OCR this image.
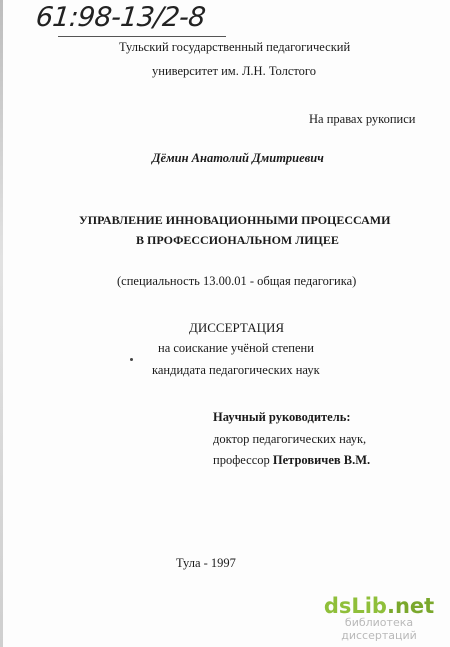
61:98-13/2-8
Тульский государственный педагогический
университет им. Л.Н. Толстого
На правах рукописи
Дёмин Анатолий Дмитриевич
УПРАВЛЕНИЕ ИННОВАЦИОННЫМИ ПРОЦЕССАМИ
В ПРОФЕССИОНАЛЬНОМ ЛИЦЕЕ
(специальность 13.00.01 - общая педагогика)
ДИССЕРТАЦИЯ
на соискание учёной степени
кандидата педагогических наук
Научный руководитель:
доктор педагогических наук,
профессор Петровичев В.М.
Тула - 1997
dsLib.net
библиотека диссертаций
